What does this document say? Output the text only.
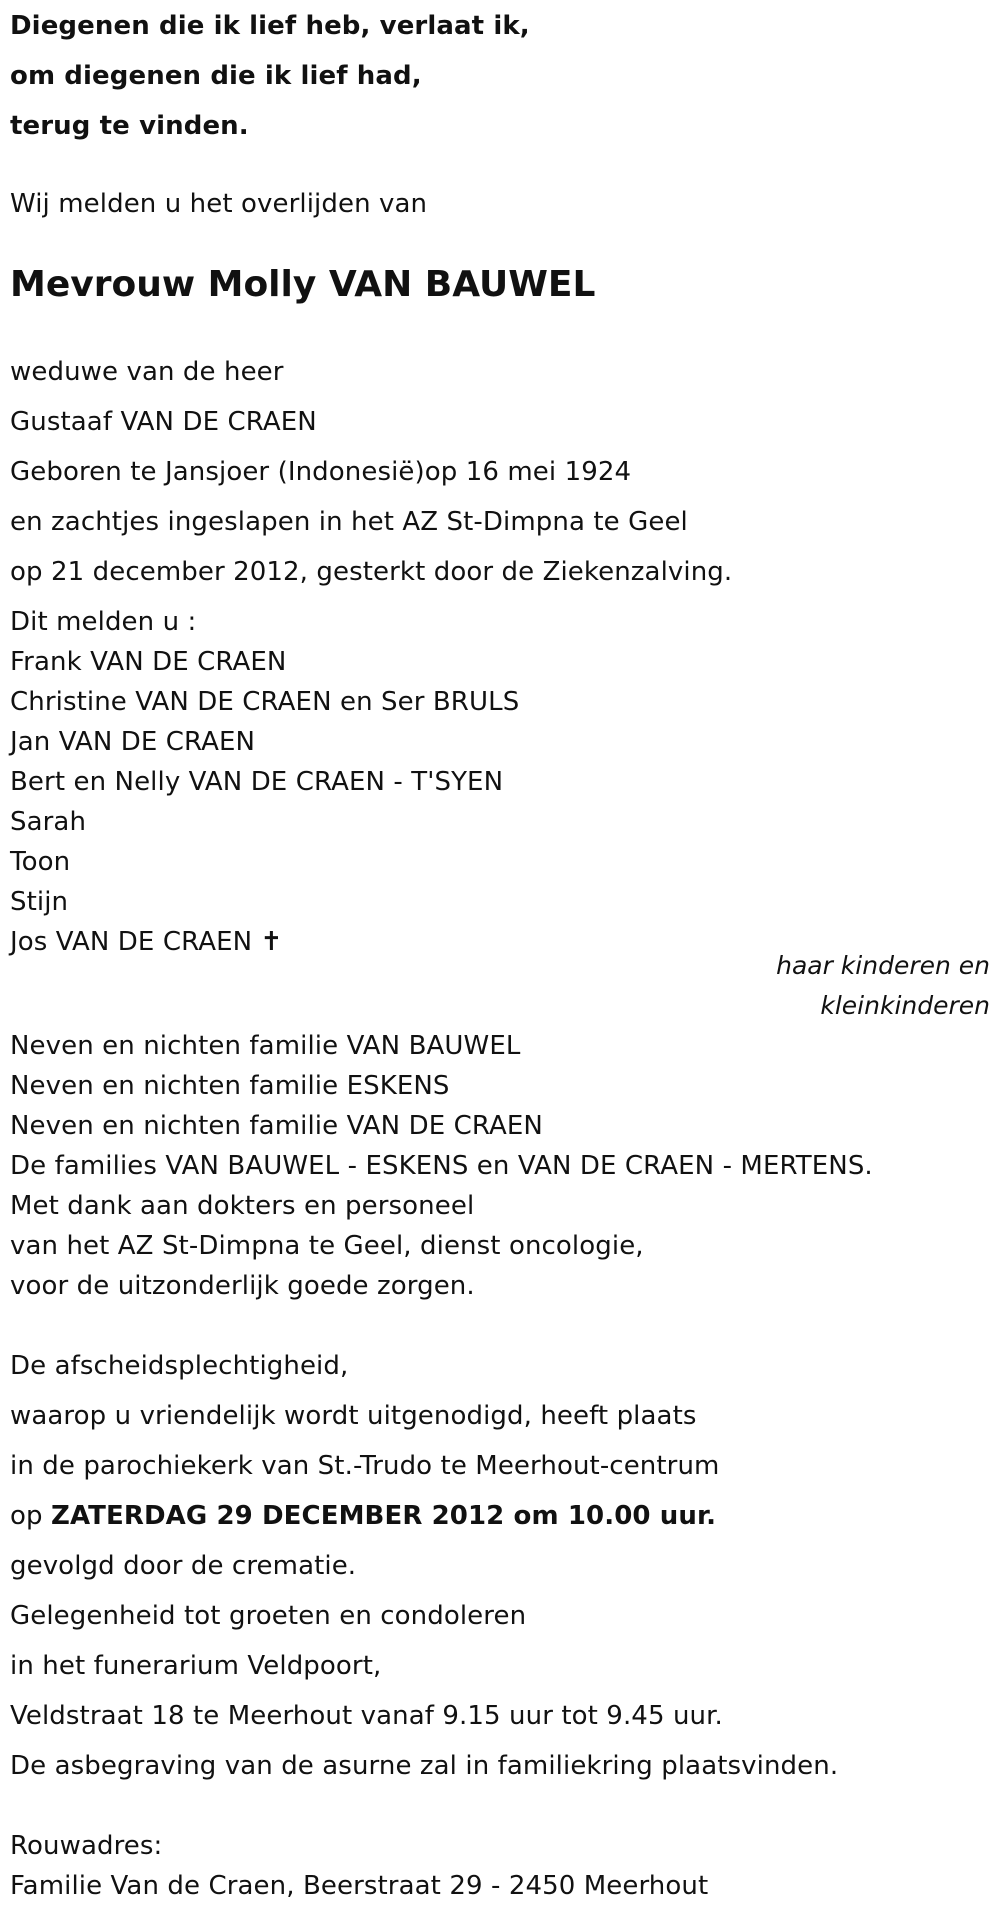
Diegenen die ik lief heb, verlaat ik,
om diegenen die ik lief had,
terug te vinden.
Wij melden u het overlijden van
Mevrouw Molly VAN BAUWEL
weduwe van de heer
Gustaaf VAN DE CRAEN
Geboren te Jansjoer (Indonesië)op 16 mei 1924
en zachtjes ingeslapen in het AZ St-Dimpna te Geel
op 21 december 2012, gesterkt door de Ziekenzalving.
Dit melden u :
Frank VAN DE CRAEN
Christine VAN DE CRAEN en Ser BRULS
Jan VAN DE CRAEN
Bert en Nelly VAN DE CRAEN - T'SYEN
Sarah
Toon
Stijn
Jos VAN DE CRAEN ✝
haar kinderen en
kleinkinderen
Neven en nichten familie VAN BAUWEL
Neven en nichten familie ESKENS
Neven en nichten familie VAN DE CRAEN
De families VAN BAUWEL - ESKENS en VAN DE CRAEN - MERTENS.
Met dank aan dokters en personeel
van het AZ St-Dimpna te Geel, dienst oncologie,
voor de uitzonderlijk goede zorgen.
De afscheidsplechtigheid,
waarop u vriendelijk wordt uitgenodigd, heeft plaats
in de parochiekerk van St.-Trudo te Meerhout-centrum
op ZATERDAG 29 DECEMBER 2012 om 10.00 uur.
gevolgd door de crematie.
Gelegenheid tot groeten en condoleren
in het funerarium Veldpoort,
Veldstraat 18 te Meerhout vanaf 9.15 uur tot 9.45 uur.
De asbegraving van de asurne zal in familiekring plaatsvinden.
Rouwadres:
Familie Van de Craen, Beerstraat 29 - 2450 Meerhout
